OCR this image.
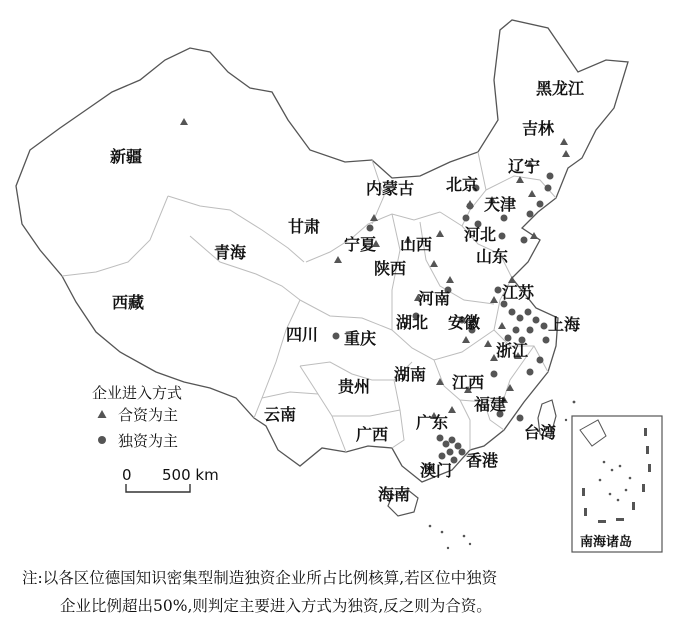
南海诸岛
黑龙江
吉林
辽宁
北京
内蒙古
天津
新疆
甘肃	河北
宁夏 山西
山东
青海
陕西
河南	江苏
西藏
上海
湖北 安徽
四川 重庆
浙江
湖南
贵州	江西
福建
云南	广东
台湾
广西
香港
澳门
海南
企业进入方式
合资为主
独资为主
0 500 km
注:以各区位德国知识密集型制造独资企业所占比例核算,若区位中独资
企业比例超出50%,则判定主要进入方式为独资,反之则为合资。
